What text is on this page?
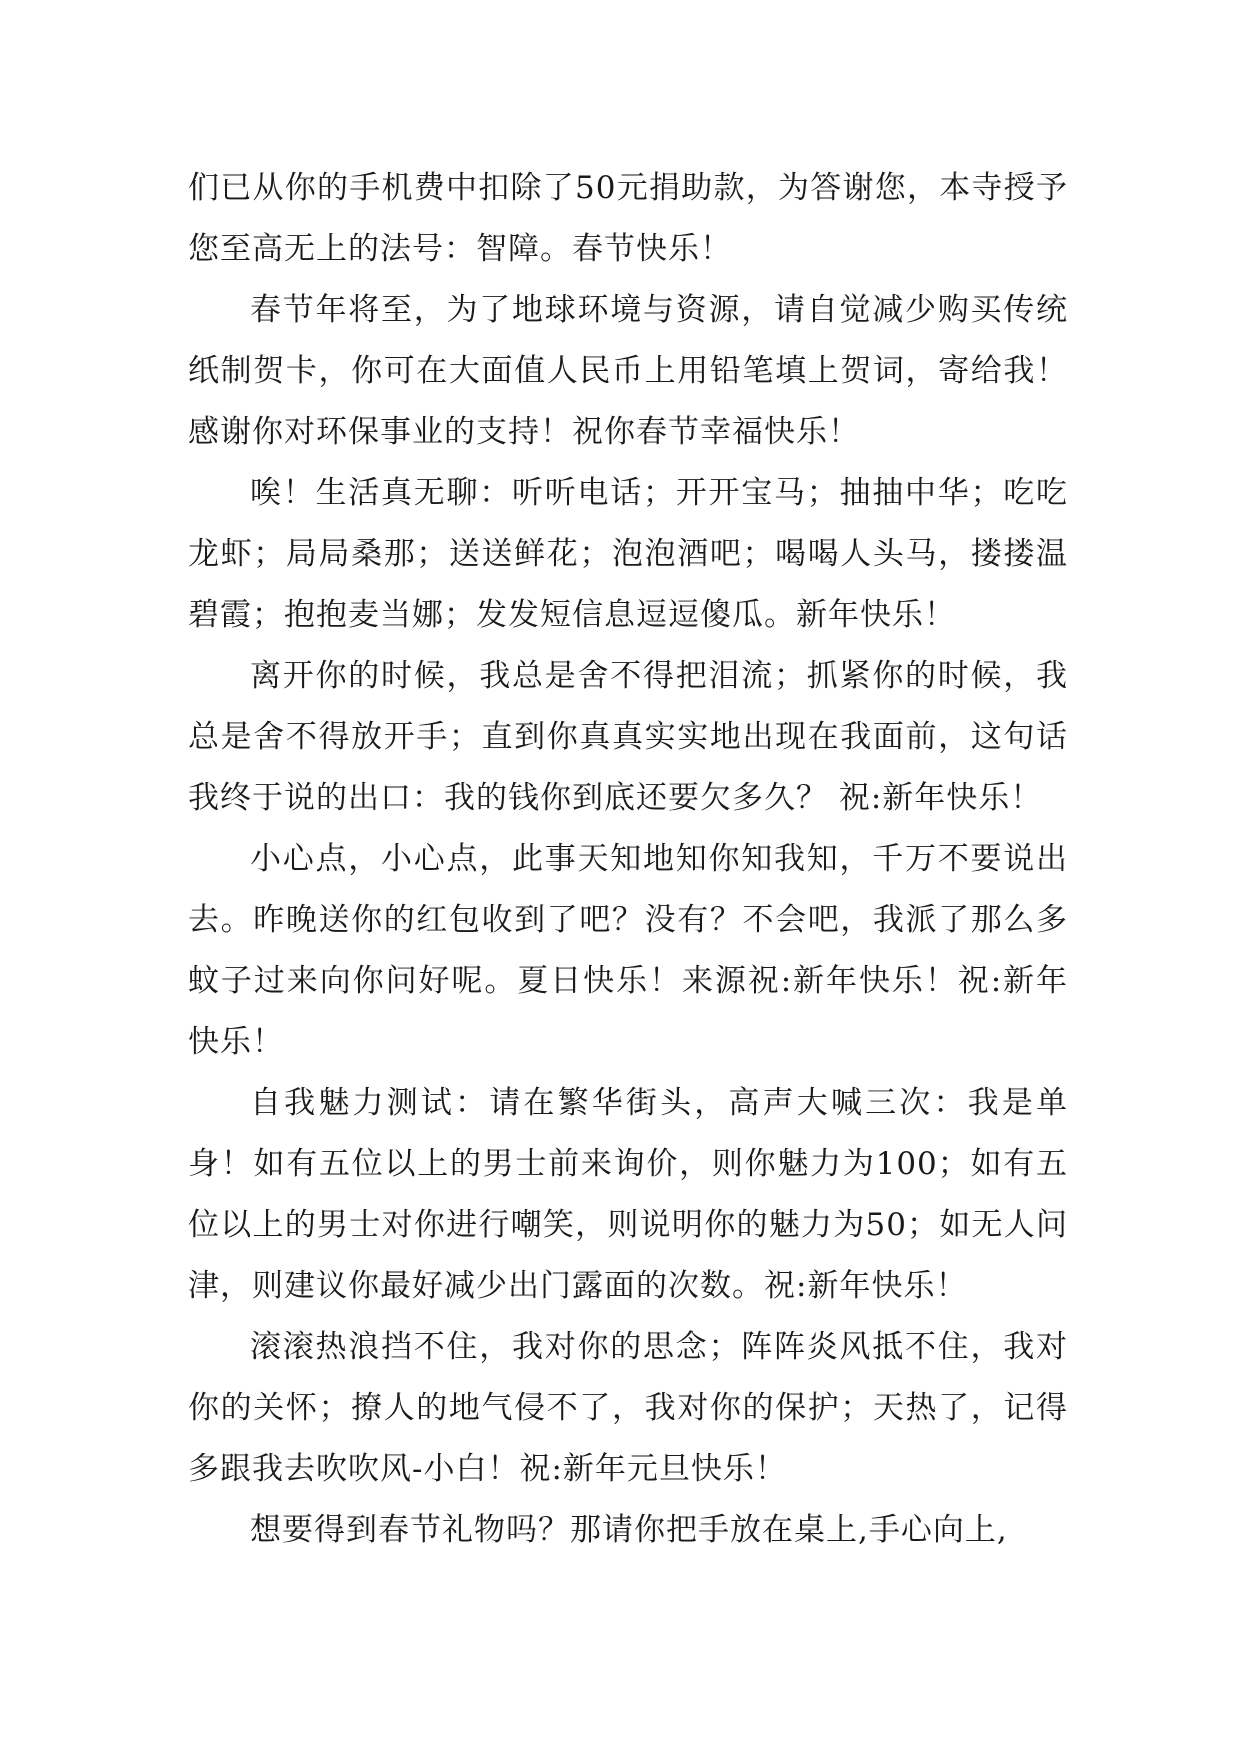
们已从你的手机费中扣除了50元捐助款，为答谢您，本寺授予您至高无上的法号：智障。春节快乐！

春节年将至，为了地球环境与资源，请自觉减少购买传统纸制贺卡，你可在大面值人民币上用铅笔填上贺词，寄给我！感谢你对环保事业的支持！祝你春节幸福快乐！

唉！生活真无聊：听听电话；开开宝马；抽抽中华；吃吃龙虾；局局桑那；送送鲜花；泡泡酒吧；喝喝人头马，搂搂温碧霞；抱抱麦当娜；发发短信息逗逗傻瓜。新年快乐！

离开你的时候，我总是舍不得把泪流；抓紧你的时候，我总是舍不得放开手；直到你真真实实地出现在我面前，这句话我终于说的出口：我的钱你到底还要欠多久？ 祝:新年快乐！

小心点，小心点，此事天知地知你知我知，千万不要说出去。昨晚送你的红包收到了吧？没有？不会吧，我派了那么多蚊子过来向你问好呢。夏日快乐！来源祝:新年快乐！祝:新年快乐！

自我魅力测试：请在繁华街头，高声大喊三次：我是单身！如有五位以上的男士前来询价，则你魅力为100；如有五位以上的男士对你进行嘲笑，则说明你的魅力为50；如无人问津，则建议你最好减少出门露面的次数。祝:新年快乐！

滚滚热浪挡不住，我对你的思念；阵阵炎风抵不住，我对你的关怀；撩人的地气侵不了，我对你的保护；天热了，记得多跟我去吹吹风-小白！祝:新年元旦快乐！

想要得到春节礼物吗？那请你把手放在桌上,手心向上,
